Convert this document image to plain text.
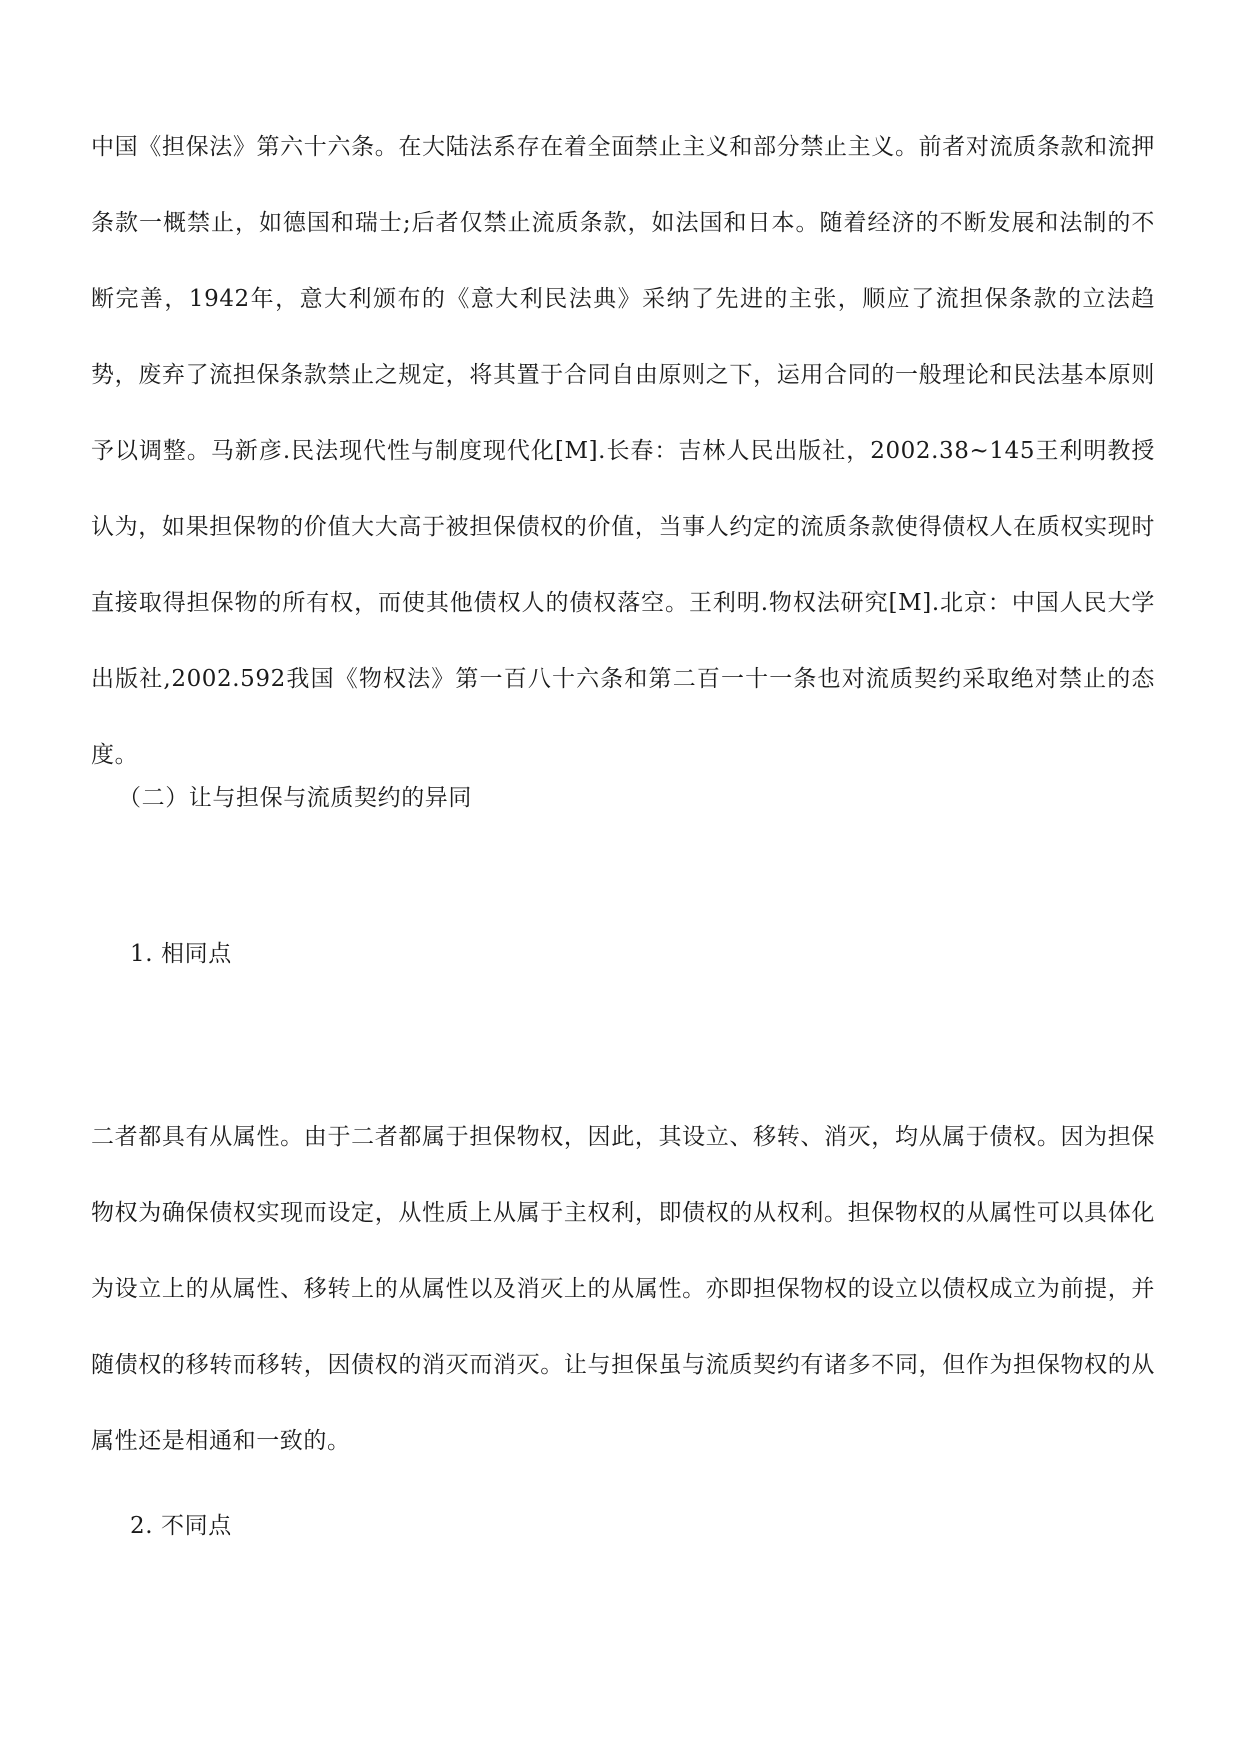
中国《担保法》第六十六条。在大陆法系存在着全面禁止主义和部分禁止主义。前者对流质条款和流押条款一概禁止，如德国和瑞士;后者仅禁止流质条款，如法国和日本。随着经济的不断发展和法制的不断完善，1942年，意大利颁布的《意大利民法典》采纳了先进的主张，顺应了流担保条款的立法趋势，废弃了流担保条款禁止之规定，将其置于合同自由原则之下，运用合同的一般理论和民法基本原则予以调整。马新彦.民法现代性与制度现代化[M].长春：吉林人民出版社，2002.38~145王利明教授认为，如果担保物的价值大大高于被担保债权的价值，当事人约定的流质条款使得债权人在质权实现时直接取得担保物的所有权，而使其他债权人的债权落空。王利明.物权法研究[M].北京：中国人民大学出版社,2002.592我国《物权法》第一百八十六条和第二百一十一条也对流质契约采取绝对禁止的态度。

（二）让与担保与流质契约的异同
1. 相同点

二者都具有从属性。由于二者都属于担保物权，因此，其设立、移转、消灭，均从属于债权。因为担保物权为确保债权实现而设定，从性质上从属于主权利，即债权的从权利。担保物权的从属性可以具体化为设立上的从属性、移转上的从属性以及消灭上的从属性。亦即担保物权的设立以债权成立为前提，并随债权的移转而移转，因债权的消灭而消灭。让与担保虽与流质契约有诸多不同，但作为担保物权的从属性还是相通和一致的。

2. 不同点
